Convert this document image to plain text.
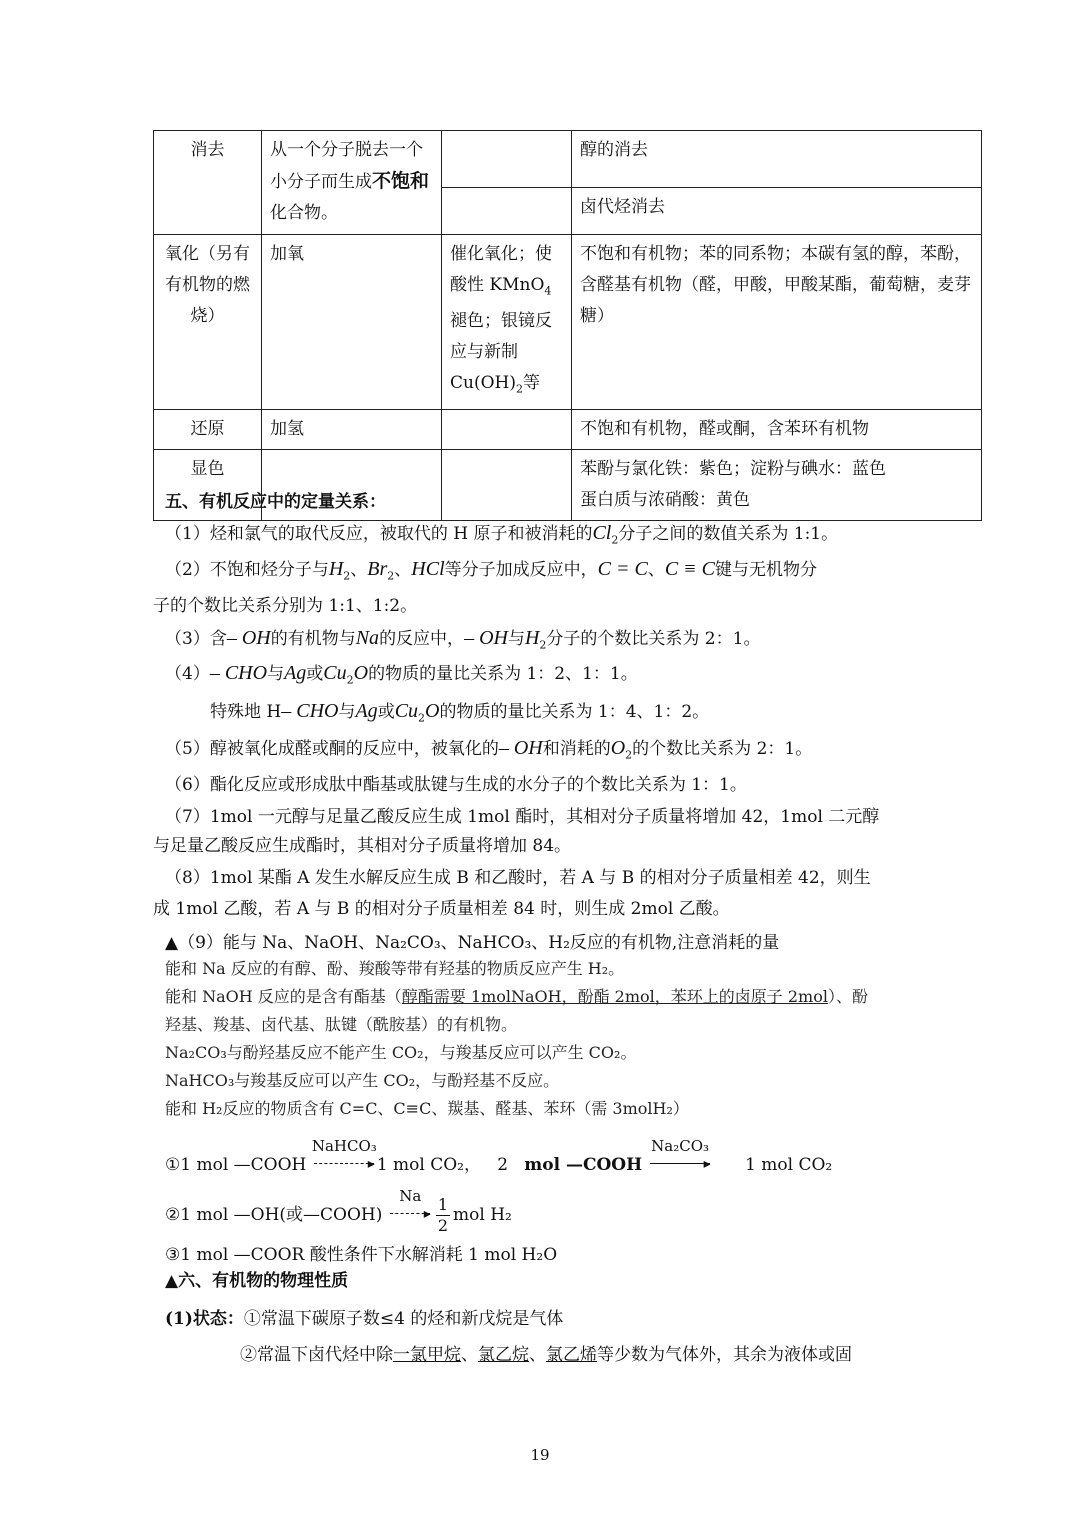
消去	从一个分子脱去一个小分子而生成不饱和化合物。		醇的消去
			卤代烃消去
氧化（另有有机物的燃烧）	加氧	催化氧化；使酸性 KMnO$_4$褪色；银镜反应与新制$Cu(OH)_2$等	不饱和有机物；苯的同系物；本碳有氢的醇，苯酚，含醛基有机物（醛，甲酸，甲酸某酯，葡萄糖，麦芽糖）
还原	加氢		不饱和有机物，醛或酮，含苯环有机物
显色			苯酚与氯化铁：紫色；淀粉与碘水：蓝色
蛋白质与浓硝酸：黄色
五、有机反应中的定量关系：
（1）烃和氯气的取代反应，被取代的 H 原子和被消耗的$Cl_2$分子之间的数值关系为 1:1。
（2）不饱和烃分子与$H_2$、$Br_2$、HCl等分子加成反应中，C = C、C ≡ C键与无机物分
子的个数比关系分别为 1:1、1:2。
（3）含– OH的有机物与Na的反应中，– OH与$H_2$分子的个数比关系为 2：1。
（4）– CHO与Ag或$Cu_2O$的物质的量比关系为 1：2、1：1。
特殊地 H– CHO与Ag或$Cu_2O$的物质的量比关系为 1：4、1：2。
（5）醇被氧化成醛或酮的反应中，被氧化的– OH和消耗的$O_2$的个数比关系为 2：1。
（6）酯化反应或形成肽中酯基或肽键与生成的水分子的个数比关系为 1：1。
（7）1mol 一元醇与足量乙酸反应生成 1mol 酯时，其相对分子质量将增加 42，1mol 二元醇
与足量乙酸反应生成酯时，其相对分子质量将增加 84。
（8）1mol 某酯 A 发生水解反应生成 B 和乙酸时，若 A 与 B 的相对分子质量相差 42，则生
成 1mol 乙酸，若 A 与 B 的相对分子质量相差 84 时，则生成 2mol 乙酸。
▲（9）能与 Na、NaOH、Na₂CO₃、NaHCO₃、H₂反应的有机物,注意消耗的量
能和 Na 反应的有醇、酚、羧酸等带有羟基的物质反应产生 H₂。
能和 NaOH 反应的是含有酯基（醇酯需要 1molNaOH，酚酯 2mol，苯环上的卤原子 2mol）、酚
羟基、羧基、卤代基、肽键（酰胺基）的有机物。
Na₂CO₃与酚羟基反应不能产生 CO₂，与羧基反应可以产生 CO₂。
NaHCO₃与羧基反应可以产生 CO₂，与酚羟基不反应。
能和 H₂反应的物质含有 C=C、C≡C、羰基、醛基、苯环（需 3molH₂）
①1 mol —COOH
NaHCO₃
▸ 1 mol CO₂， 2 mol —COOH
Na₂CO₃
▸ 1 mol CO₂
②1 mol —OH(或—COOH)
Na
▸ $\frac{1}{2}$ mol H₂
③1 mol —COOR 酸性条件下水解消耗 1 mol H₂O
▲六、有机物的物理性质
(1)状态：①常温下碳原子数≤4 的烃和新戊烷是气体
②常温下卤代烃中除一氯甲烷、氯乙烷、氯乙烯等少数为气体外，其余为液体或固
19
